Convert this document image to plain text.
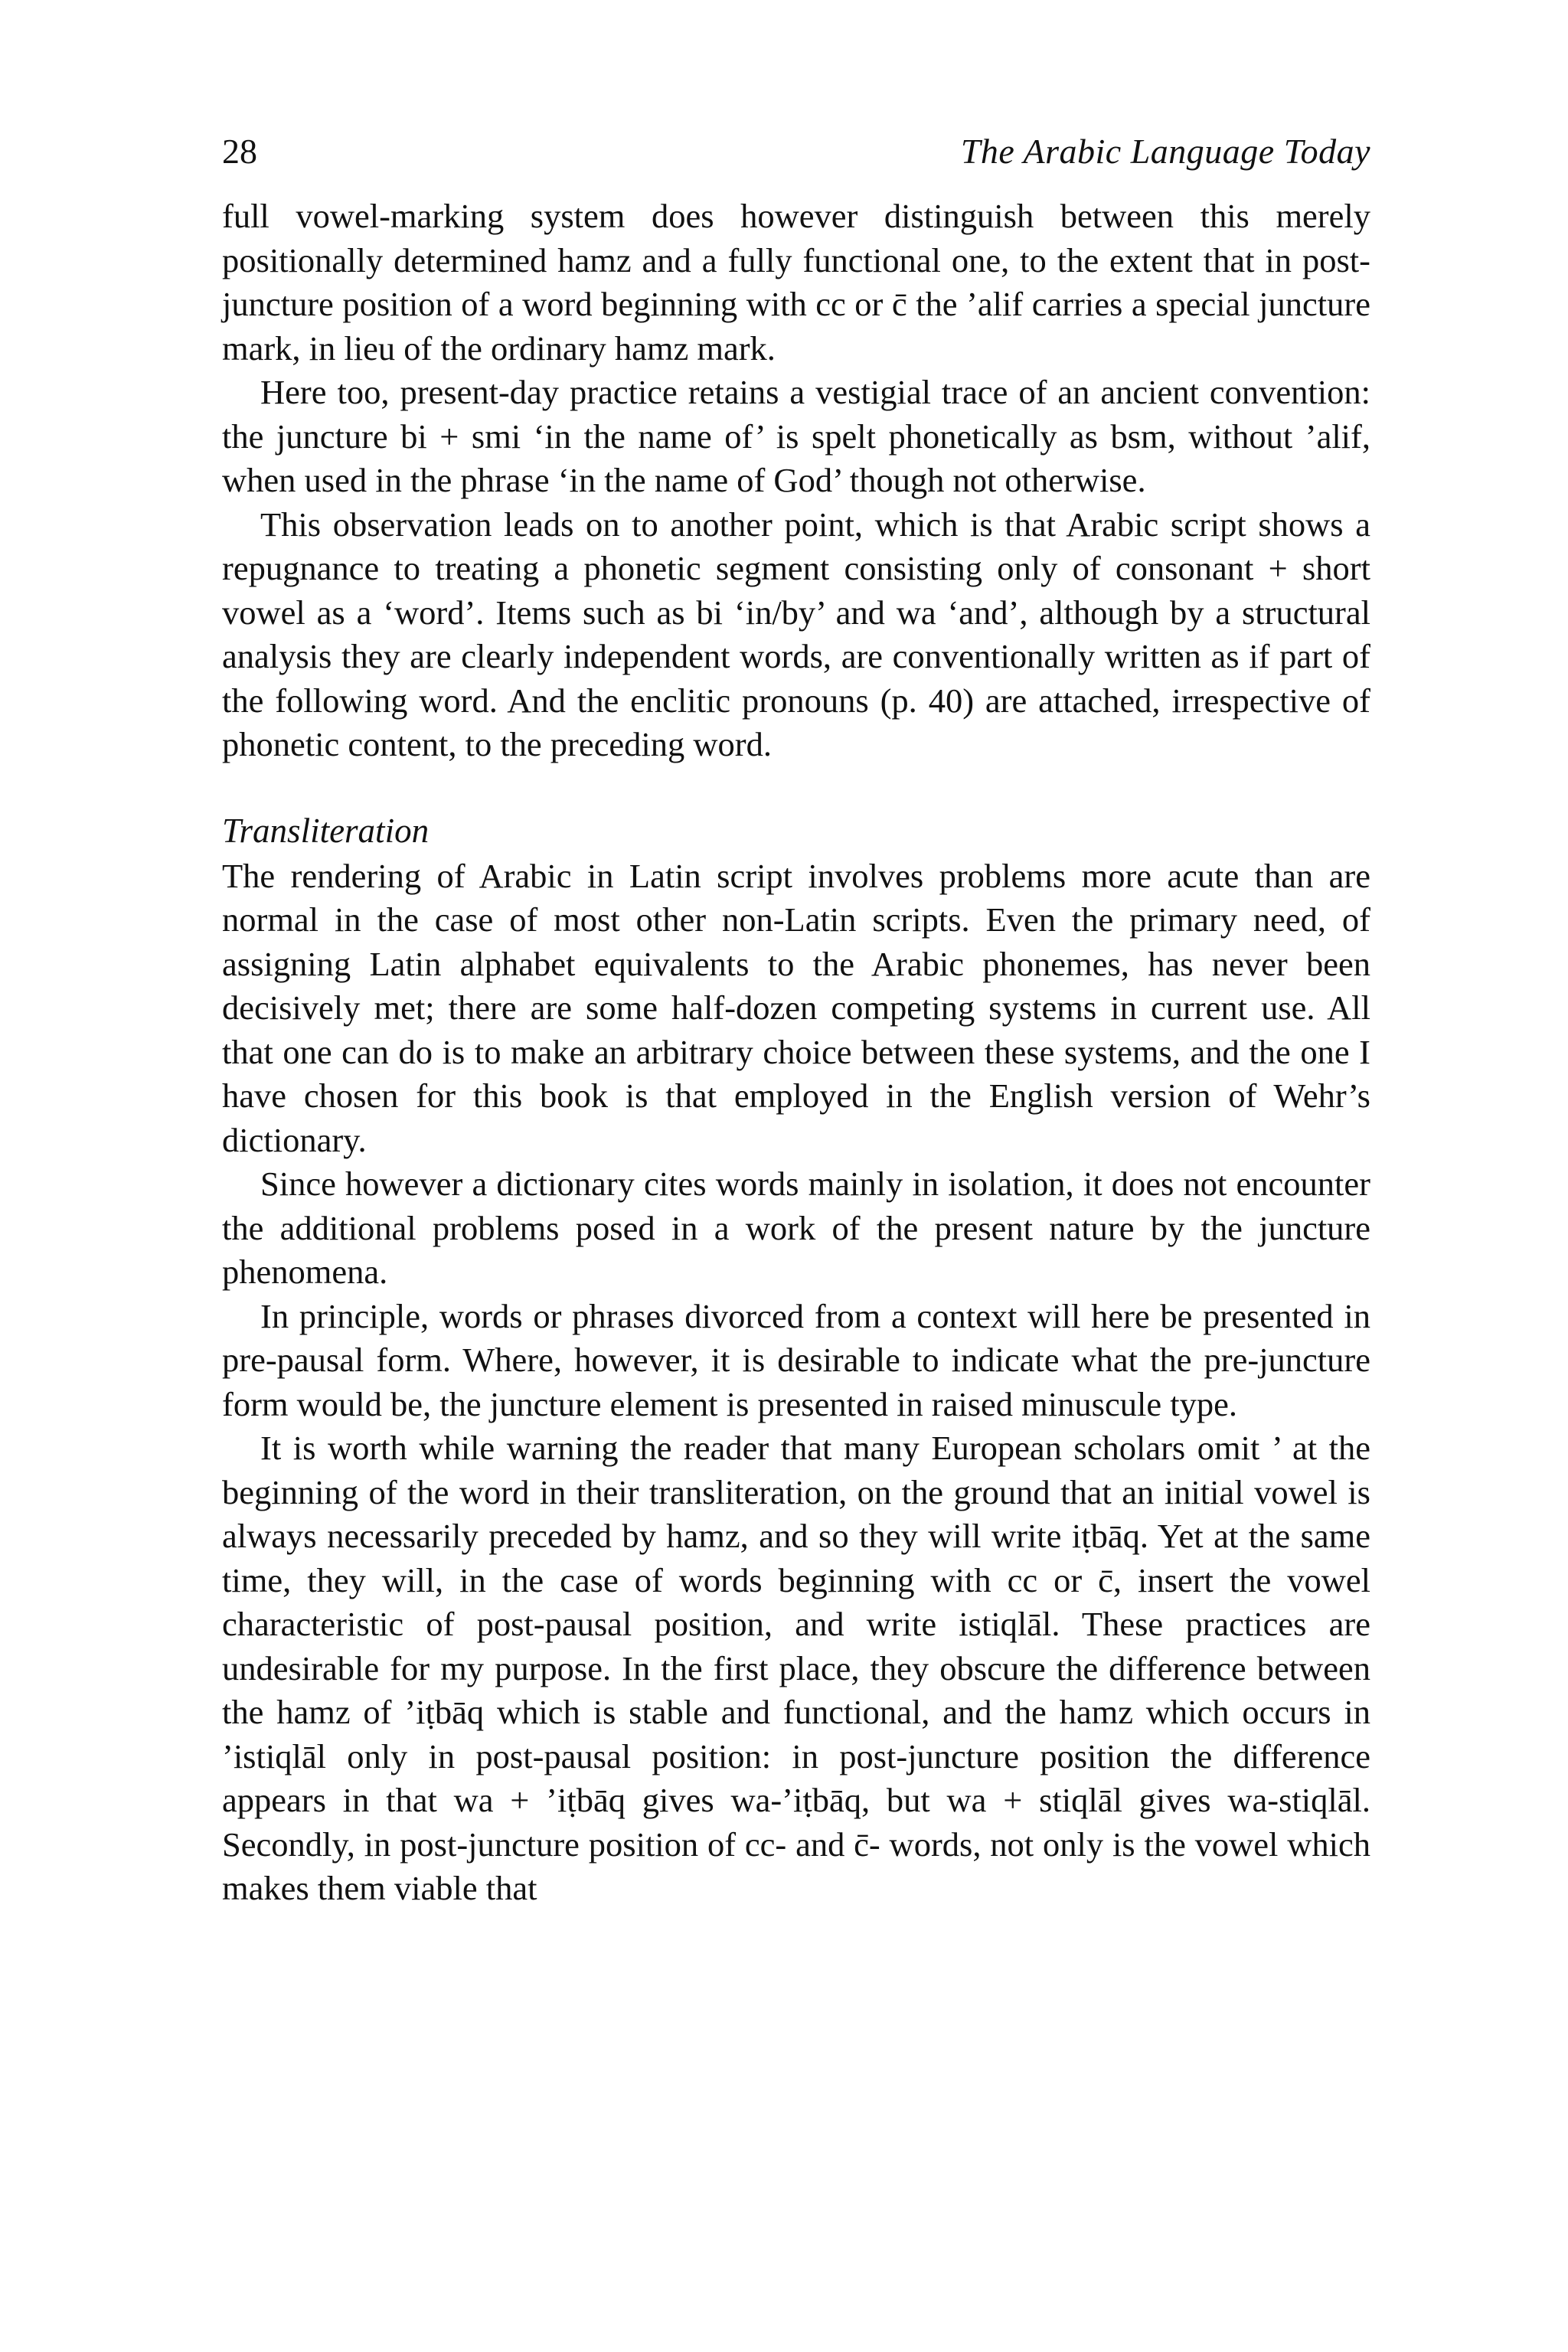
28	The Arabic Language Today

full vowel-marking system does however distinguish between this merely positionally determined hamz and a fully functional one, to the extent that in post-juncture position of a word beginning with cc or c̄ the ’alif carries a special juncture mark, in lieu of the ordinary hamz mark.

Here too, present-day practice retains a vestigial trace of an ancient convention: the juncture bi + smi ‘in the name of’ is spelt phonetically as bsm, without ’alif, when used in the phrase ‘in the name of God’ though not otherwise.

This observation leads on to another point, which is that Arabic script shows a repugnance to treating a phonetic segment consisting only of consonant + short vowel as a ‘word’. Items such as bi ‘in/by’ and wa ‘and’, although by a structural analysis they are clearly independent words, are conventionally written as if part of the following word. And the enclitic pronouns (p. 40) are attached, irrespective of phonetic content, to the preceding word.

Transliteration

The rendering of Arabic in Latin script involves problems more acute than are normal in the case of most other non-Latin scripts. Even the primary need, of assigning Latin alphabet equivalents to the Arabic phonemes, has never been decisively met; there are some half-dozen competing systems in current use. All that one can do is to make an arbitrary choice between these systems, and the one I have chosen for this book is that employed in the English version of Wehr’s dictionary.

Since however a dictionary cites words mainly in isolation, it does not encounter the additional problems posed in a work of the present nature by the juncture phenomena.

In principle, words or phrases divorced from a context will here be presented in pre-pausal form. Where, however, it is desirable to indicate what the pre-juncture form would be, the juncture element is presented in raised minuscule type.

It is worth while warning the reader that many European scholars omit ’ at the beginning of the word in their transliteration, on the ground that an initial vowel is always necessarily preceded by hamz, and so they will write iṭbāq. Yet at the same time, they will, in the case of words beginning with cc or c̄, insert the vowel characteristic of post-pausal position, and write istiqlāl. These practices are undesirable for my purpose. In the first place, they obscure the difference between the hamz of ’iṭbāq which is stable and functional, and the hamz which occurs in ’istiqlāl only in post-pausal position: in post-juncture position the difference appears in that wa + ’iṭbāq gives wa-’iṭbāq, but wa + stiqlāl gives wa-stiqlāl. Secondly, in post-juncture position of cc- and c̄- words, not only is the vowel which makes them viable that
